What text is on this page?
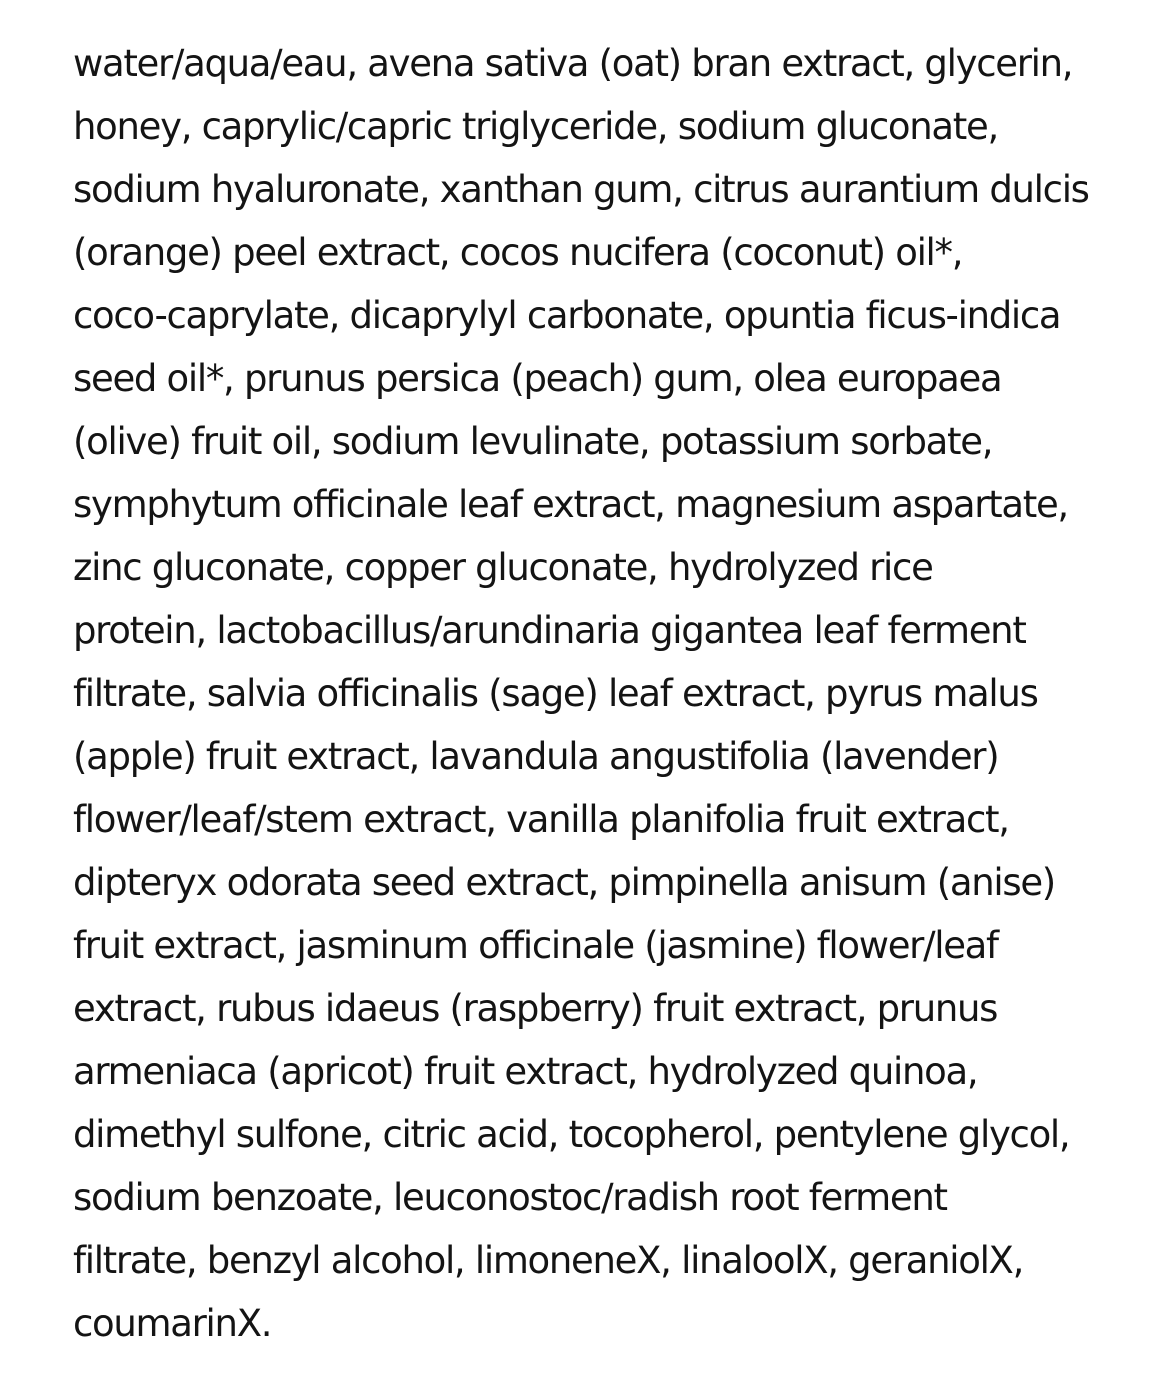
water/aqua/eau, avena sativa (oat) bran extract, glycerin,
honey, caprylic/capric triglyceride, sodium gluconate,
sodium hyaluronate, xanthan gum, citrus aurantium dulcis
(orange) peel extract, cocos nucifera (coconut) oil*,
coco-caprylate, dicaprylyl carbonate, opuntia ficus-indica
seed oil*, prunus persica (peach) gum, olea europaea
(olive) fruit oil, sodium levulinate, potassium sorbate,
symphytum officinale leaf extract, magnesium aspartate,
zinc gluconate, copper gluconate, hydrolyzed rice
protein, lactobacillus/arundinaria gigantea leaf ferment
filtrate, salvia officinalis (sage) leaf extract, pyrus malus
(apple) fruit extract, lavandula angustifolia (lavender)
flower/leaf/stem extract, vanilla planifolia fruit extract,
dipteryx odorata seed extract, pimpinella anisum (anise)
fruit extract, jasminum officinale (jasmine) flower/leaf
extract, rubus idaeus (raspberry) fruit extract, prunus
armeniaca (apricot) fruit extract, hydrolyzed quinoa,
dimethyl sulfone, citric acid, tocopherol, pentylene glycol,
sodium benzoate, leuconostoc/radish root ferment
filtrate, benzyl alcohol, limoneneⅩ, linaloolⅩ, geraniolⅩ,
coumarinⅩ.
